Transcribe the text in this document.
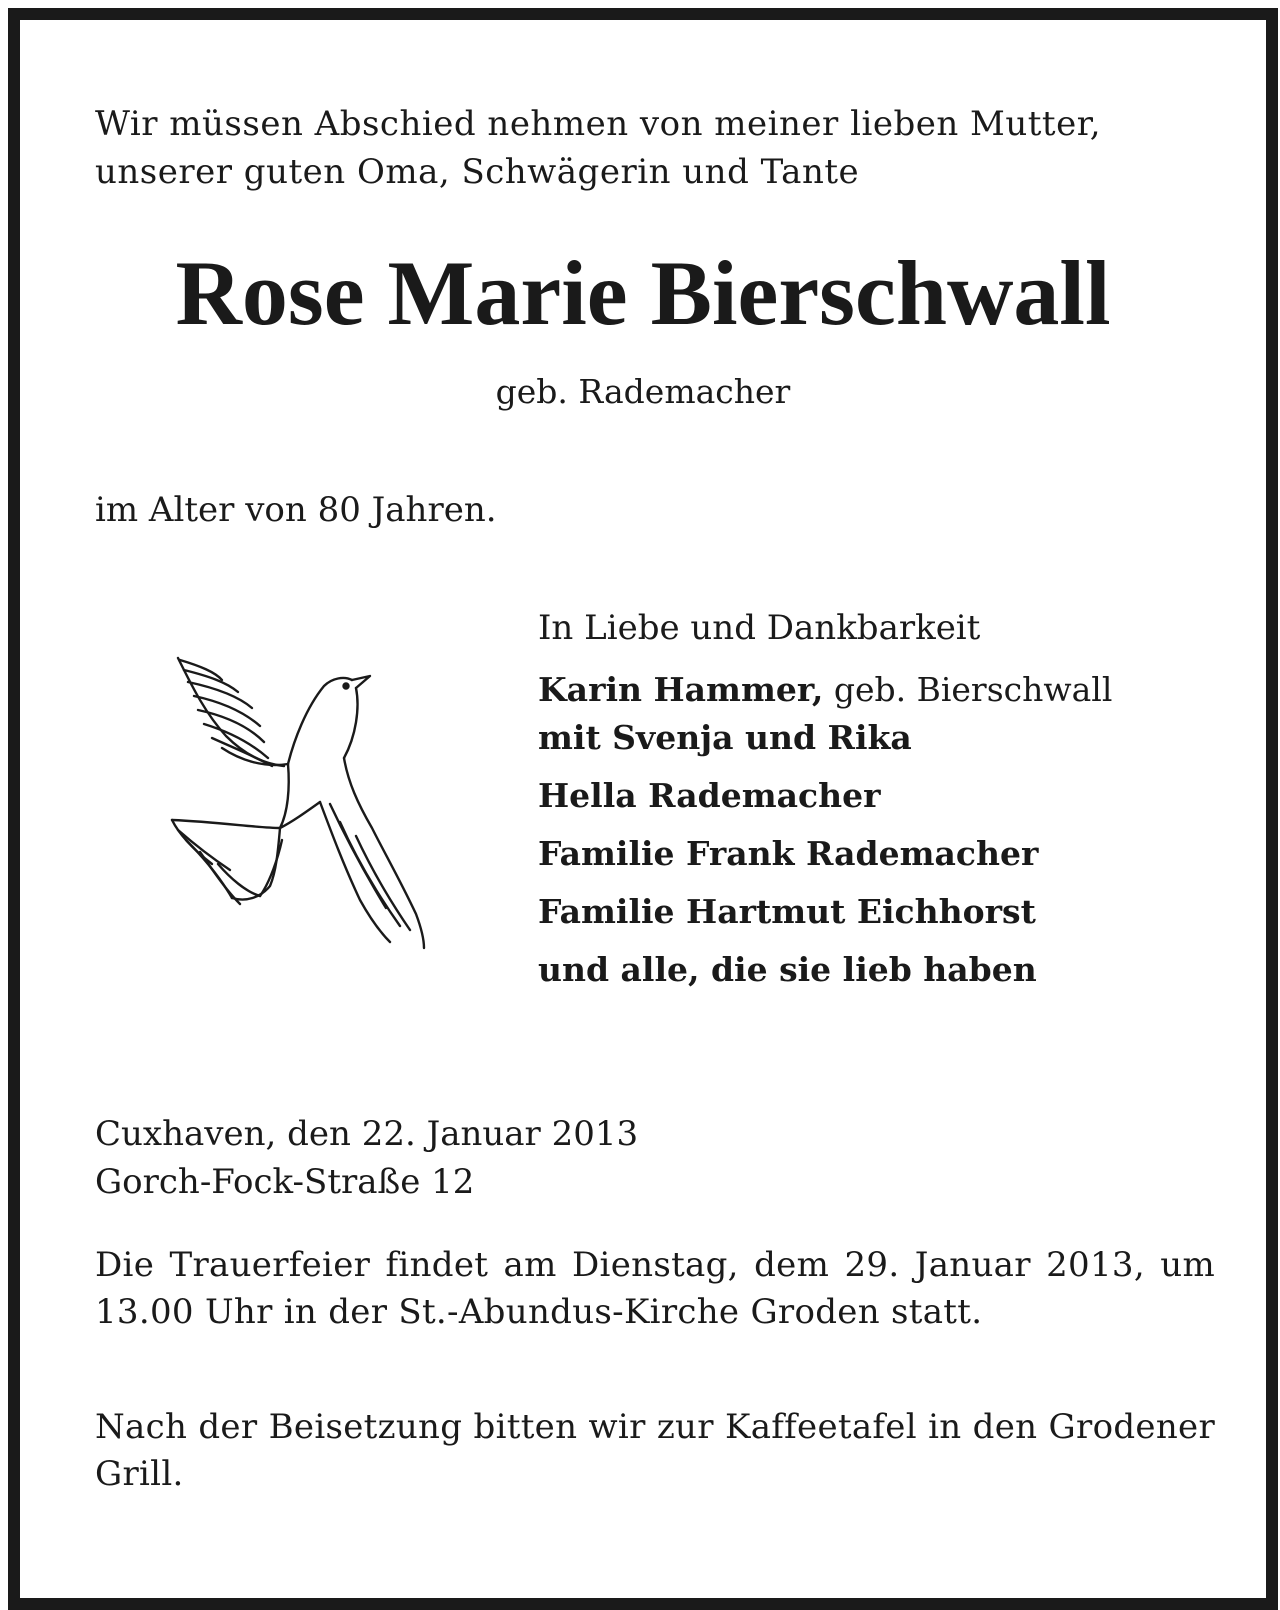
Wir müssen Abschied nehmen von meiner lieben Mutter,
unserer guten Oma, Schwägerin und Tante
Rose Marie Bierschwall
geb. Rademacher
im Alter von 80 Jahren.
In Liebe und Dankbarkeit
Karin Hammer, geb. Bierschwall
mit Svenja und Rika
Hella Rademacher
Familie Frank Rademacher
Familie Hartmut Eichhorst
und alle, die sie lieb haben
Cuxhaven, den 22. Januar 2013
Gorch-Fock-Straße 12
Die Trauerfeier findet am Dienstag, dem 29. Januar 2013, um 13.00 Uhr in der St.-Abundus-Kirche Groden statt.
Nach der Beisetzung bitten wir zur Kaffeetafel in den Grodener Grill.
